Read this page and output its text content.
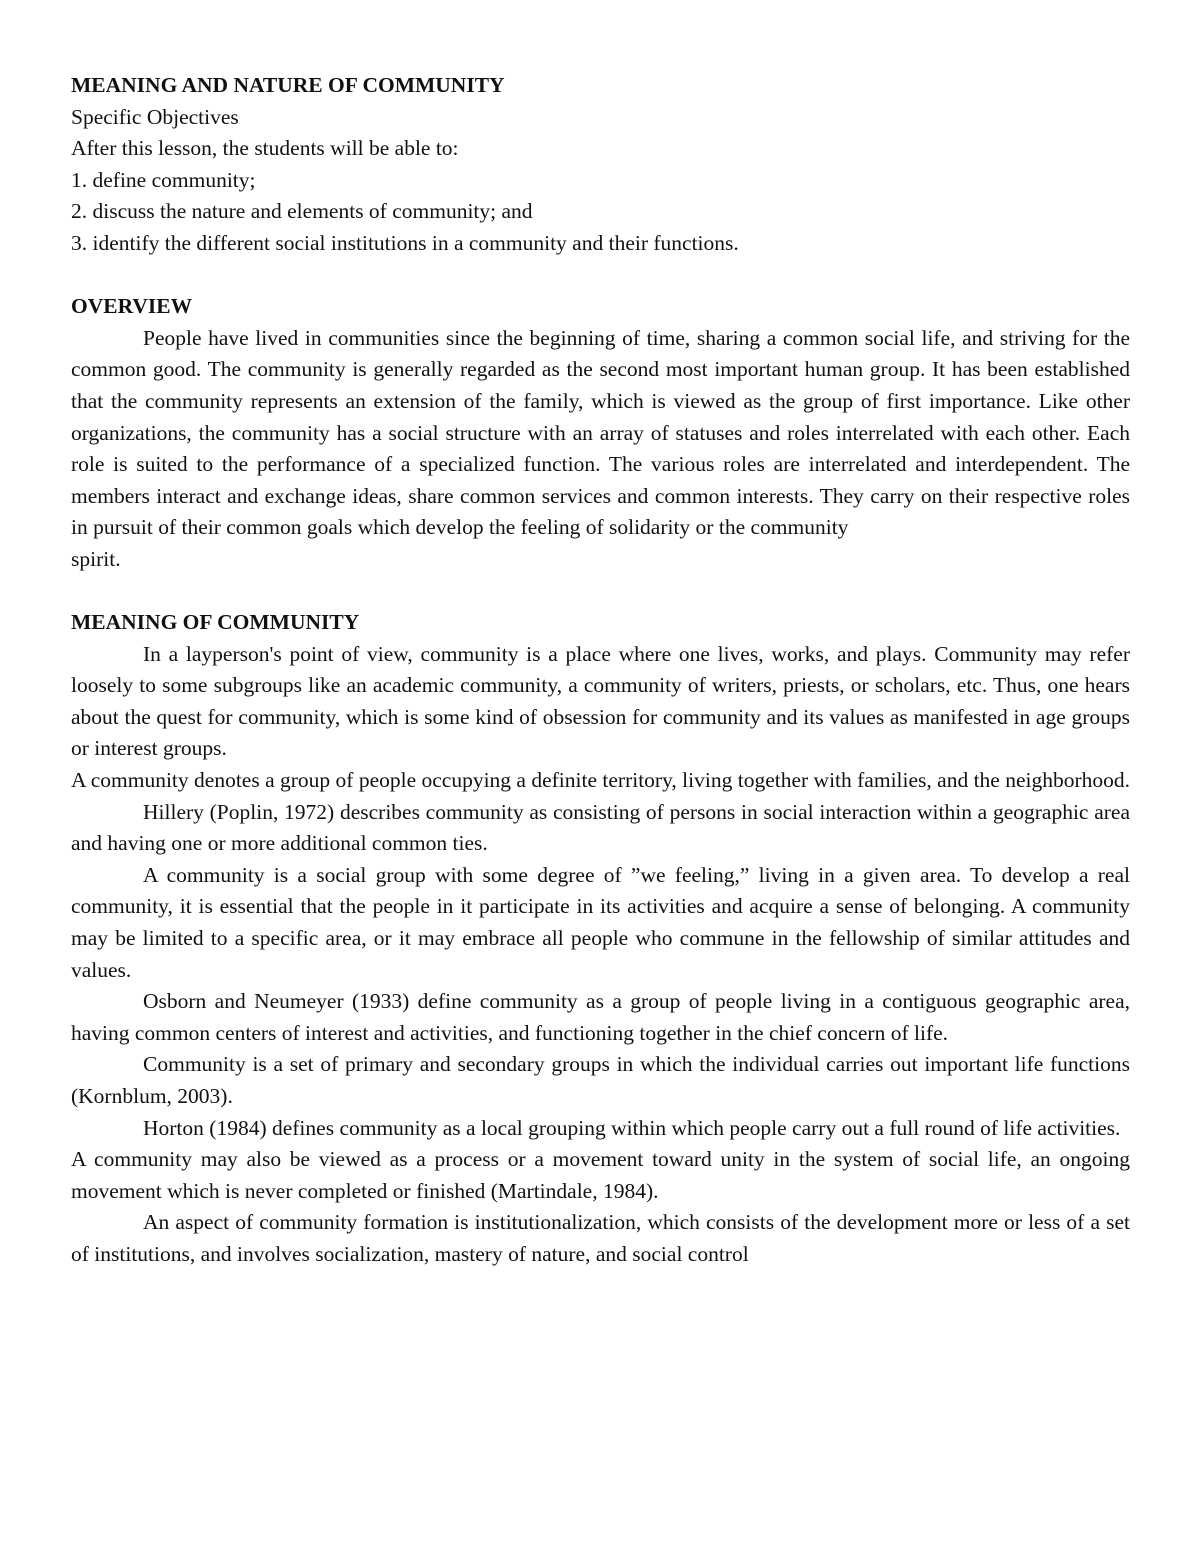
MEANING AND NATURE OF COMMUNITY

Specific Objectives

After this lesson, the students will be able to:

1. define community;

2. discuss the nature and elements of community; and

3. identify the different social institutions in a community and their functions.

OVERVIEW

People have lived in communities since the beginning of time, sharing a common social life, and striving for the common good. The community is generally regarded as the second most important human group. It has been established that the community represents an extension of the family, which is viewed as the group of first importance. Like other organizations, the community has a social structure with an array of statuses and roles interrelated with each other. Each role is suited to the performance of a specialized function. The various roles are interrelated and interdependent. The members interact and exchange ideas, share common services and common interests. They carry on their respective roles in pursuit of their common goals which develop the feeling of solidarity or the community

spirit.

MEANING OF COMMUNITY

In a layperson's point of view, community is a place where one lives, works, and plays. Community may refer loosely to some subgroups like an academic community, a community of writers, priests, or scholars, etc. Thus, one hears about the quest for community, which is some kind of obsession for community and its values as manifested in age groups or interest groups.

A community denotes a group of people occupying a definite territory, living together with families, and the neighborhood.

Hillery (Poplin, 1972) describes community as consisting of persons in social interaction within a geographic area and having one or more additional common ties.

A community is a social group with some degree of ”we feeling,” living in a given area. To develop a real community, it is essential that the people in it participate in its activities and acquire a sense of belonging. A community may be limited to a specific area, or it may embrace all people who commune in the fellowship of similar attitudes and values.

Osborn and Neumeyer (1933) define community as a group of people living in a contiguous geographic area, having common centers of interest and activities, and functioning together in the chief concern of life.

Community is a set of primary and secondary groups in which the individual carries out important life functions (Kornblum, 2003).

Horton (1984) defines community as a local grouping within which people carry out a full round of life activities.

A community may also be viewed as a process or a movement toward unity in the system of social life, an ongoing movement which is never completed or finished (Martindale, 1984).

An aspect of community formation is institutionalization, which consists of the development more or less of a set of institutions, and involves socialization, mastery of nature, and social control
